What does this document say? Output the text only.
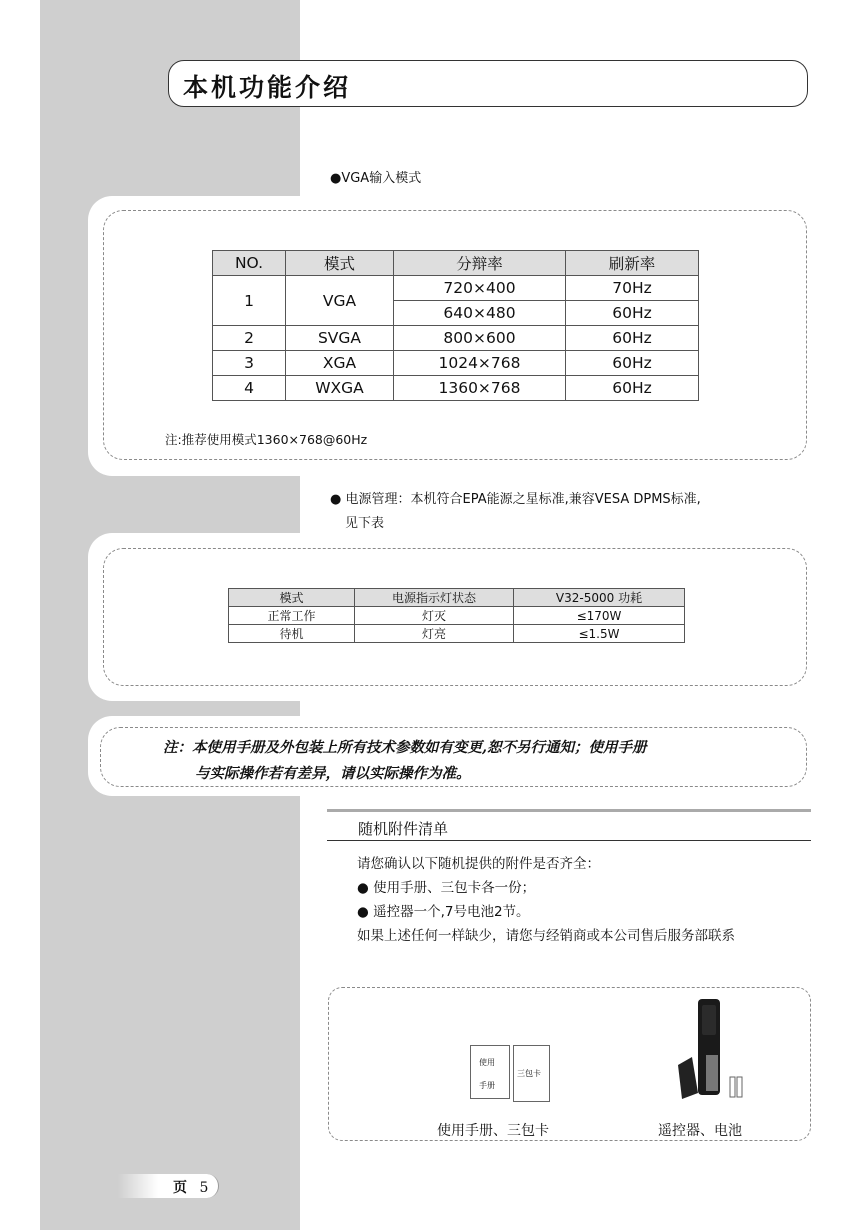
本机功能介绍
●VGA输入模式
NO.	模式	分辩率	刷新率
1	VGA	720×400	70Hz
		640×480	60Hz
2	SVGA	800×600	60Hz
3	XGA	1024×768	60Hz
4	WXGA	1360×768	60Hz
注:推荐使用模式1360×768@60Hz
● 电源管理：本机符合EPA能源之星标准,兼容VESA DPMS标准,
见下表
模式	电源指示灯状态	V32-5000 功耗
正常工作	灯灭	≤170W
待机	灯亮	≤1.5W
注：本使用手册及外包装上所有技术参数如有变更,恕不另行通知；使用手册
与实际操作若有差异，请以实际操作为准。
随机附件清单
请您确认以下随机提供的附件是否齐全：
● 使用手册、三包卡各一份；
● 遥控器一个,7号电池2节。
如果上述任何一样缺少，请您与经销商或本公司售后服务部联系
使用
手册
三包卡
使用手册、三包卡	遥控器、电池
页 5
